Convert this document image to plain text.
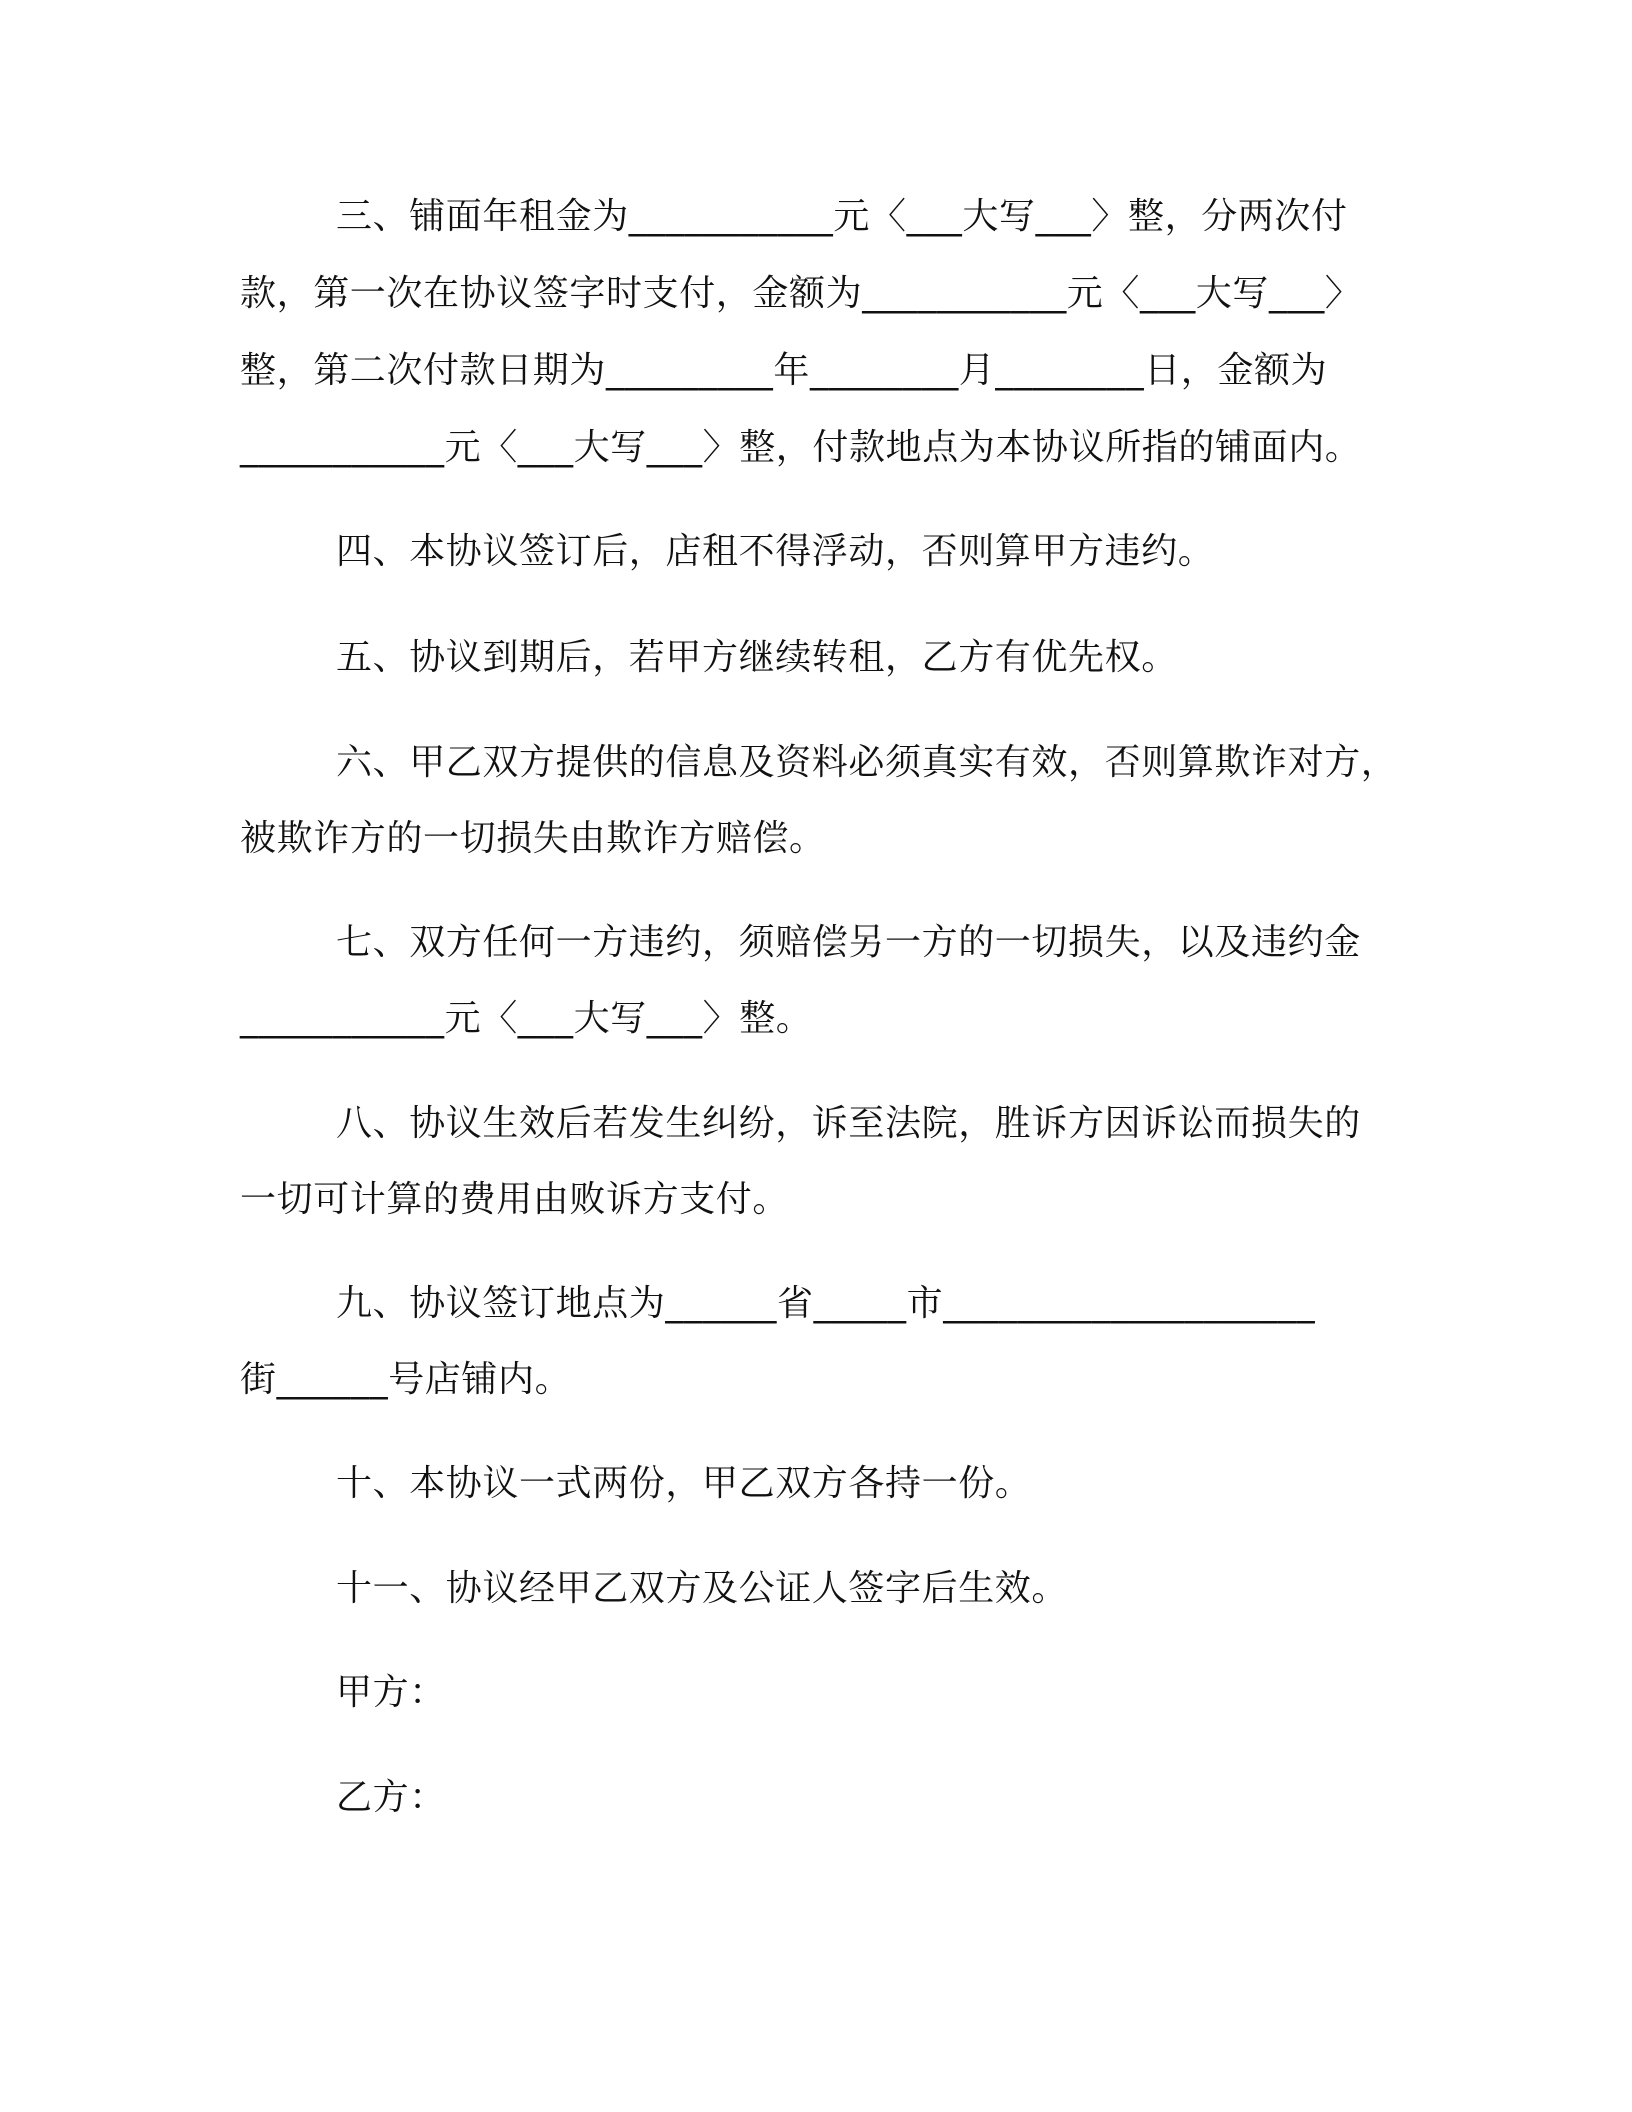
三、铺面年租金为___________元〈___大写___〉整，分两次付
款，第一次在协议签字时支付，金额为___________元〈___大写___〉
整，第二次付款日期为_________年________月________日，金额为
___________元〈___大写___〉整，付款地点为本协议所指的铺面内。
四、本协议签订后，店租不得浮动，否则算甲方违约。
五、协议到期后，若甲方继续转租，乙方有优先权。
六、甲乙双方提供的信息及资料必须真实有效，否则算欺诈对方，
被欺诈方的一切损失由欺诈方赔偿。
七、双方任何一方违约，须赔偿另一方的一切损失，以及违约金
___________元〈___大写___〉整。
八、协议生效后若发生纠纷，诉至法院，胜诉方因诉讼而损失的
一切可计算的费用由败诉方支付。
九、协议签订地点为______省_____市____________________
街______号店铺内。
十、本协议一式两份，甲乙双方各持一份。
十一、协议经甲乙双方及公证人签字后生效。
甲方：
乙方：
